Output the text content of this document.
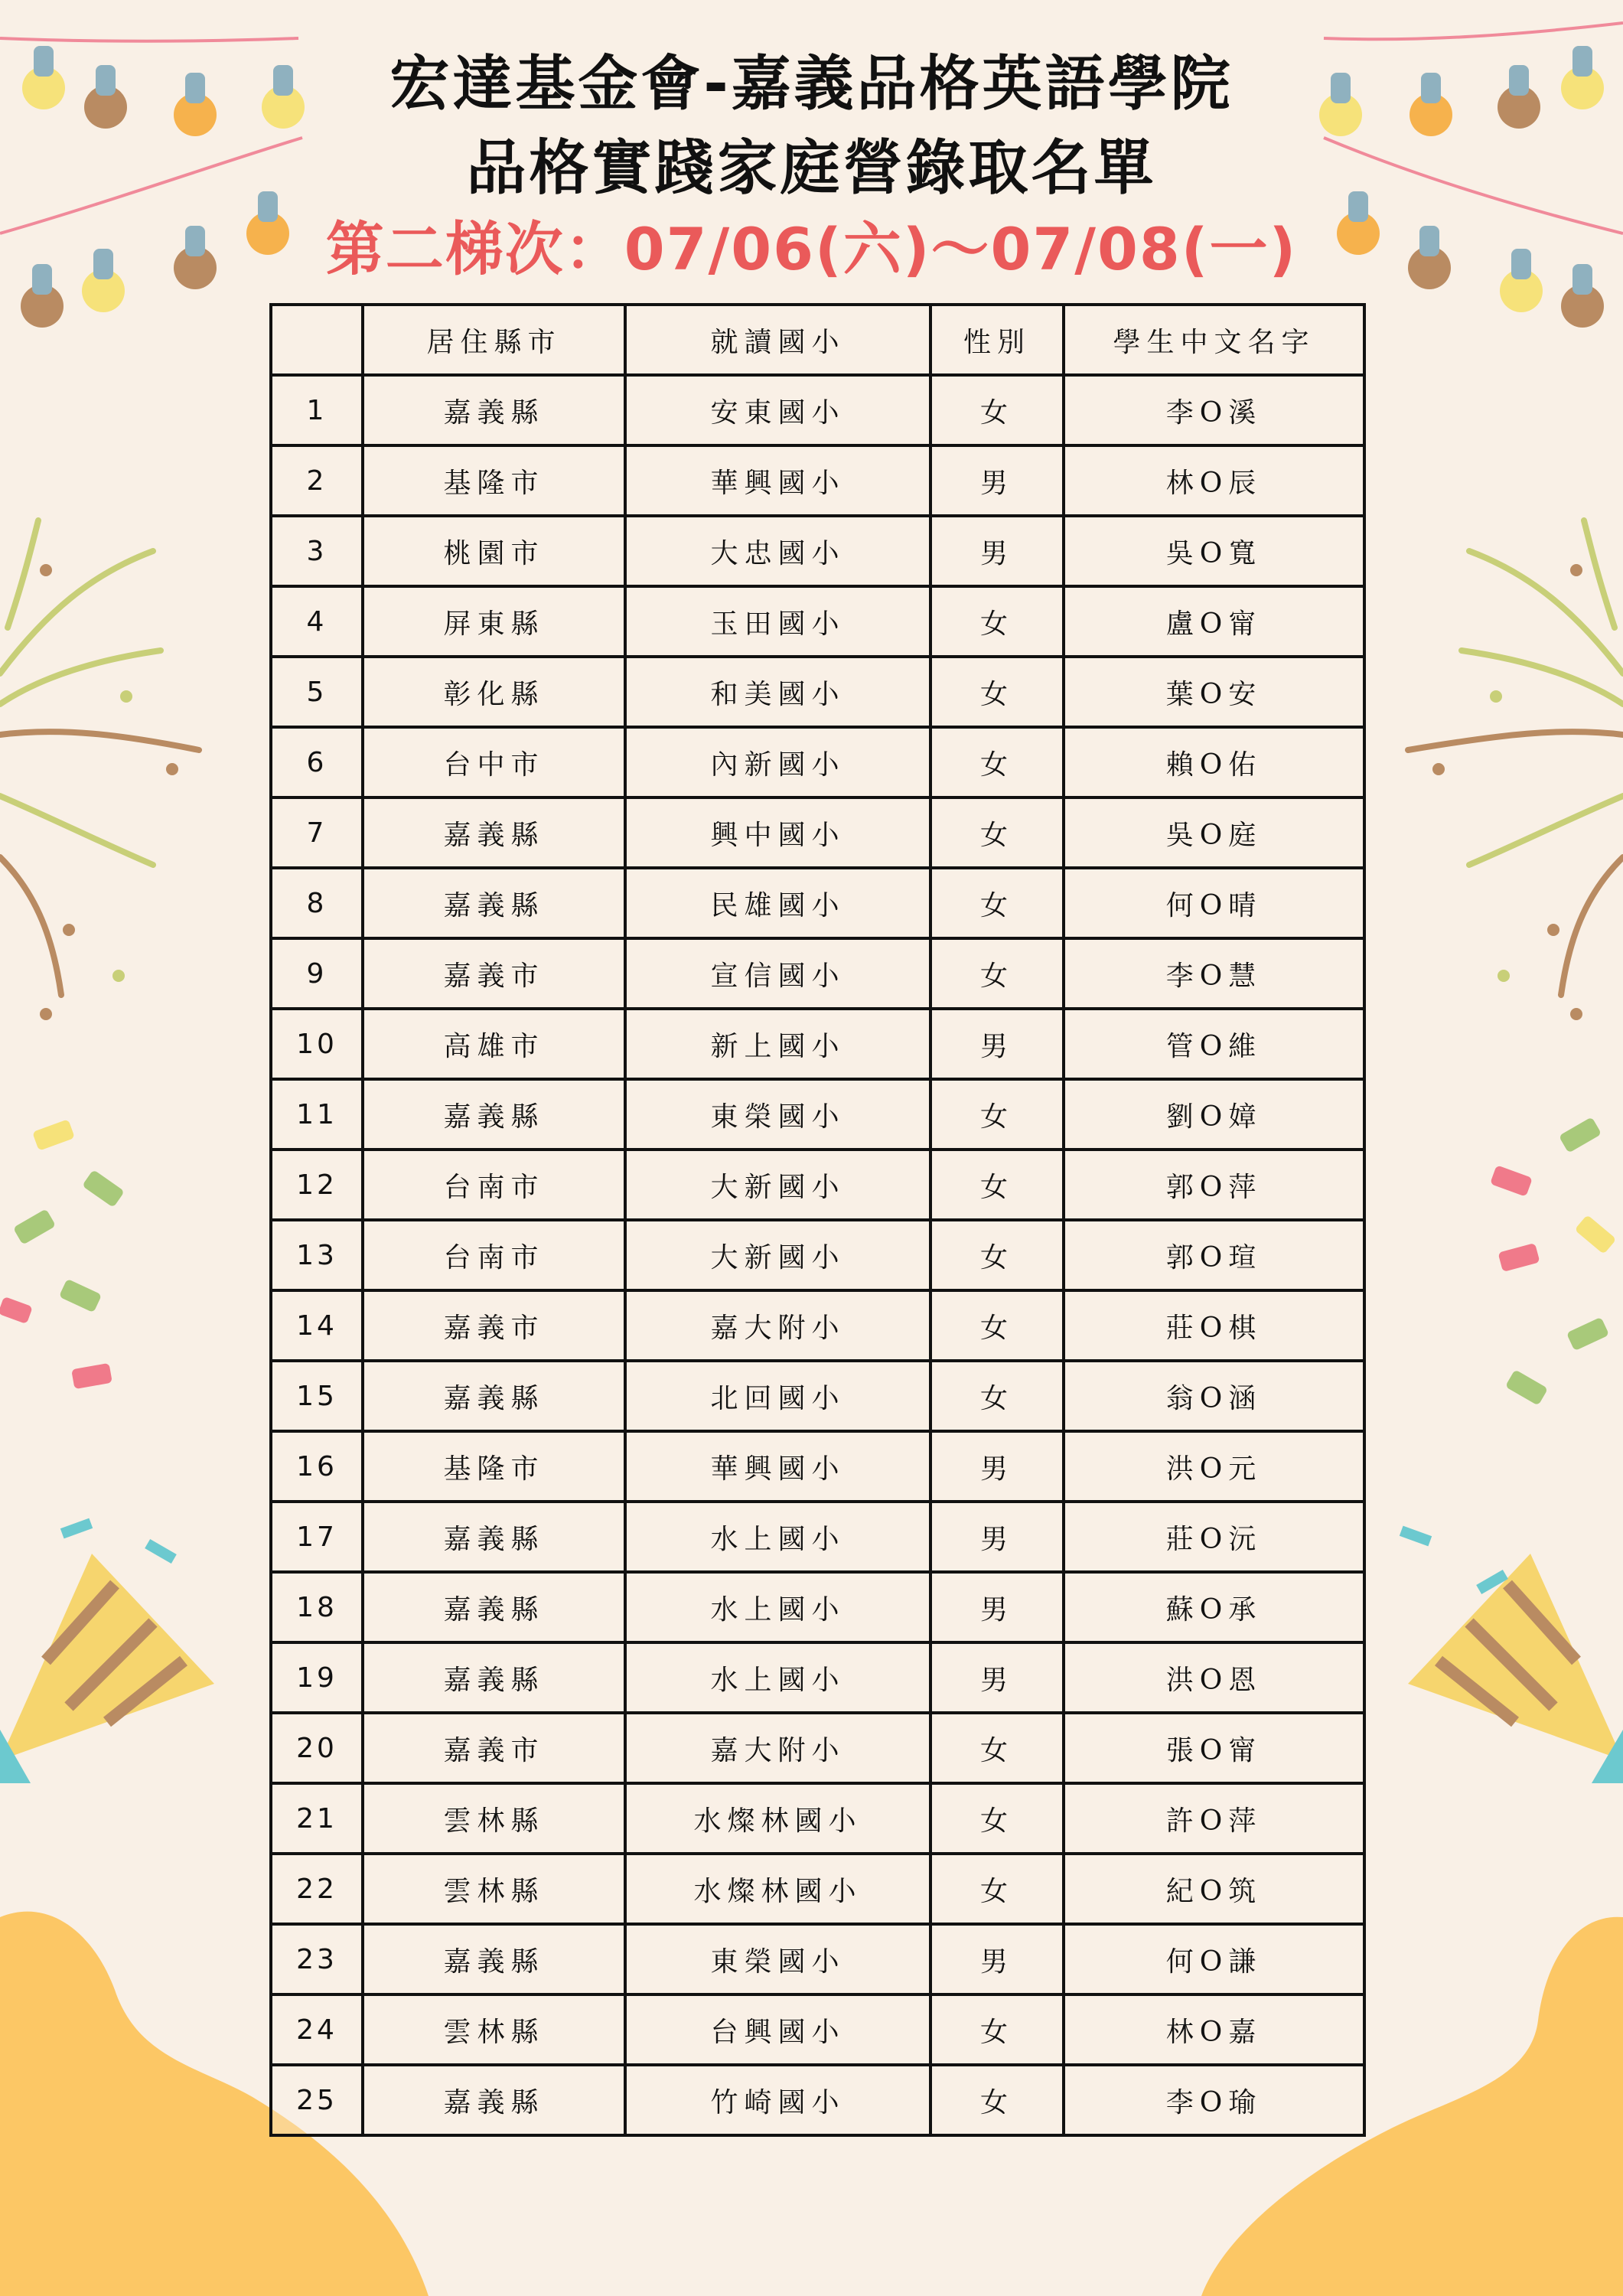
宏達基金會-嘉義品格英語學院
品格實踐家庭營錄取名單
第二梯次：07/06(六)～07/08(一)
	居住縣市	就讀國小	性別	學生中文名字
1	嘉義縣	安東國小	女	李O溪
2	基隆市	華興國小	男	林O辰
3	桃園市	大忠國小	男	吳O寬
4	屏東縣	玉田國小	女	盧O甯
5	彰化縣	和美國小	女	葉O安
6	台中市	內新國小	女	賴O佑
7	嘉義縣	興中國小	女	吳O庭
8	嘉義縣	民雄國小	女	何O晴
9	嘉義市	宣信國小	女	李O慧
10	高雄市	新上國小	男	管O維
11	嘉義縣	東榮國小	女	劉O嫜
12	台南市	大新國小	女	郭O萍
13	台南市	大新國小	女	郭O瑄
14	嘉義市	嘉大附小	女	莊O棋
15	嘉義縣	北回國小	女	翁O涵
16	基隆市	華興國小	男	洪O元
17	嘉義縣	水上國小	男	莊O沅
18	嘉義縣	水上國小	男	蘇O承
19	嘉義縣	水上國小	男	洪O恩
20	嘉義市	嘉大附小	女	張O甯
21	雲林縣	水燦林國小	女	許O萍
22	雲林縣	水燦林國小	女	紀O筑
23	嘉義縣	東榮國小	男	何O謙
24	雲林縣	台興國小	女	林O嘉
25	嘉義縣	竹崎國小	女	李O瑜
